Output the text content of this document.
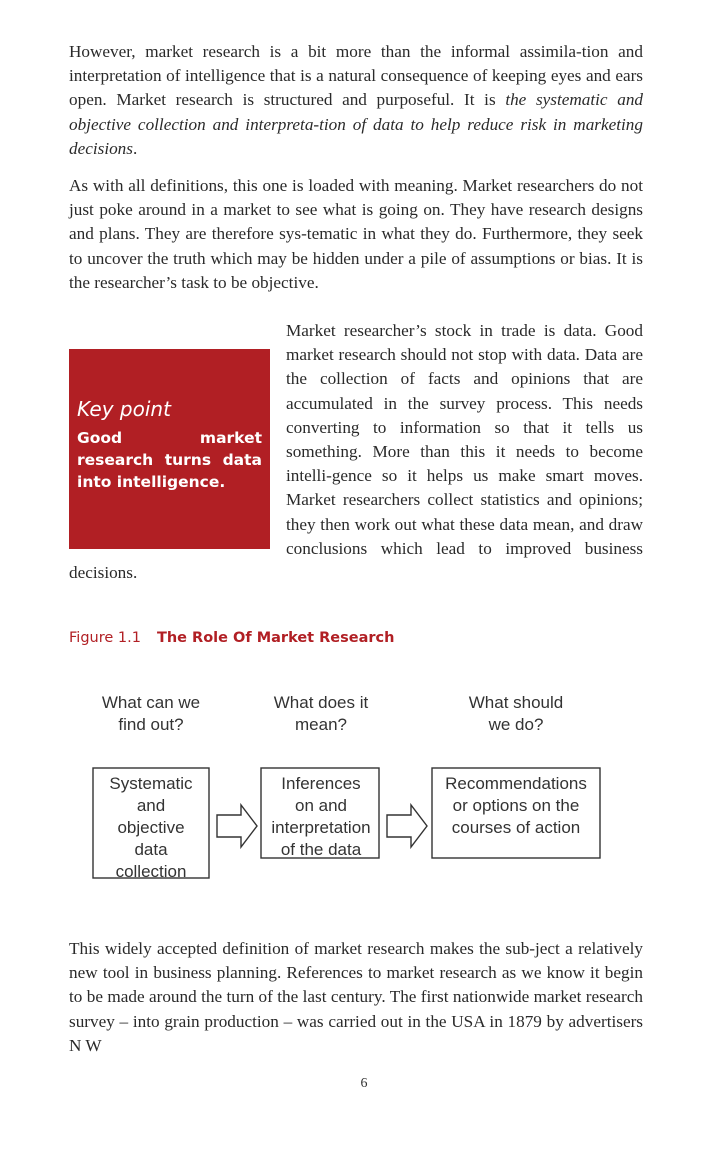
However, market research is a bit more than the informal assimila-tion and interpretation of intelligence that is a natural consequence of keeping eyes and ears open. Market research is structured and purposeful. It is the systematic and objective collection and interpreta-tion of data to help reduce risk in marketing decisions.

As with all definitions, this one is loaded with meaning. Market researchers do not just poke around in a market to see what is going on. They have research designs and plans. They are therefore sys-tematic in what they do. Furthermore, they seek to uncover the truth which may be hidden under a pile of assumptions or bias. It is the researcher’s task to be objective.

Key point
Good market research turns data into intelligence.
Market researcher’s stock in trade is data. Good market research should not stop with data. Data are the collection of facts and opinions that are accumulated in the survey process. This needs converting to information so that it tells us something. More than this it needs to become intelli-gence so it helps us make smart moves. Market researchers collect statistics and opinions; they then work out what these data mean, and draw conclusions which lead to improved business decisions.

Figure 1.1 The Role Of Market Research
What can we
find out?
Systematic
and
objective
data
collection
What does it
mean?
Inferences
on and
interpretation
of the data
What should
we do?
Recommendations
or options on the
courses of action

This widely accepted definition of market research makes the sub-ject a relatively new tool in business planning. References to market research as we know it begin to be made around the turn of the last century. The first nationwide market research survey – into grain production – was carried out in the USA in 1879 by advertisers N W

6
